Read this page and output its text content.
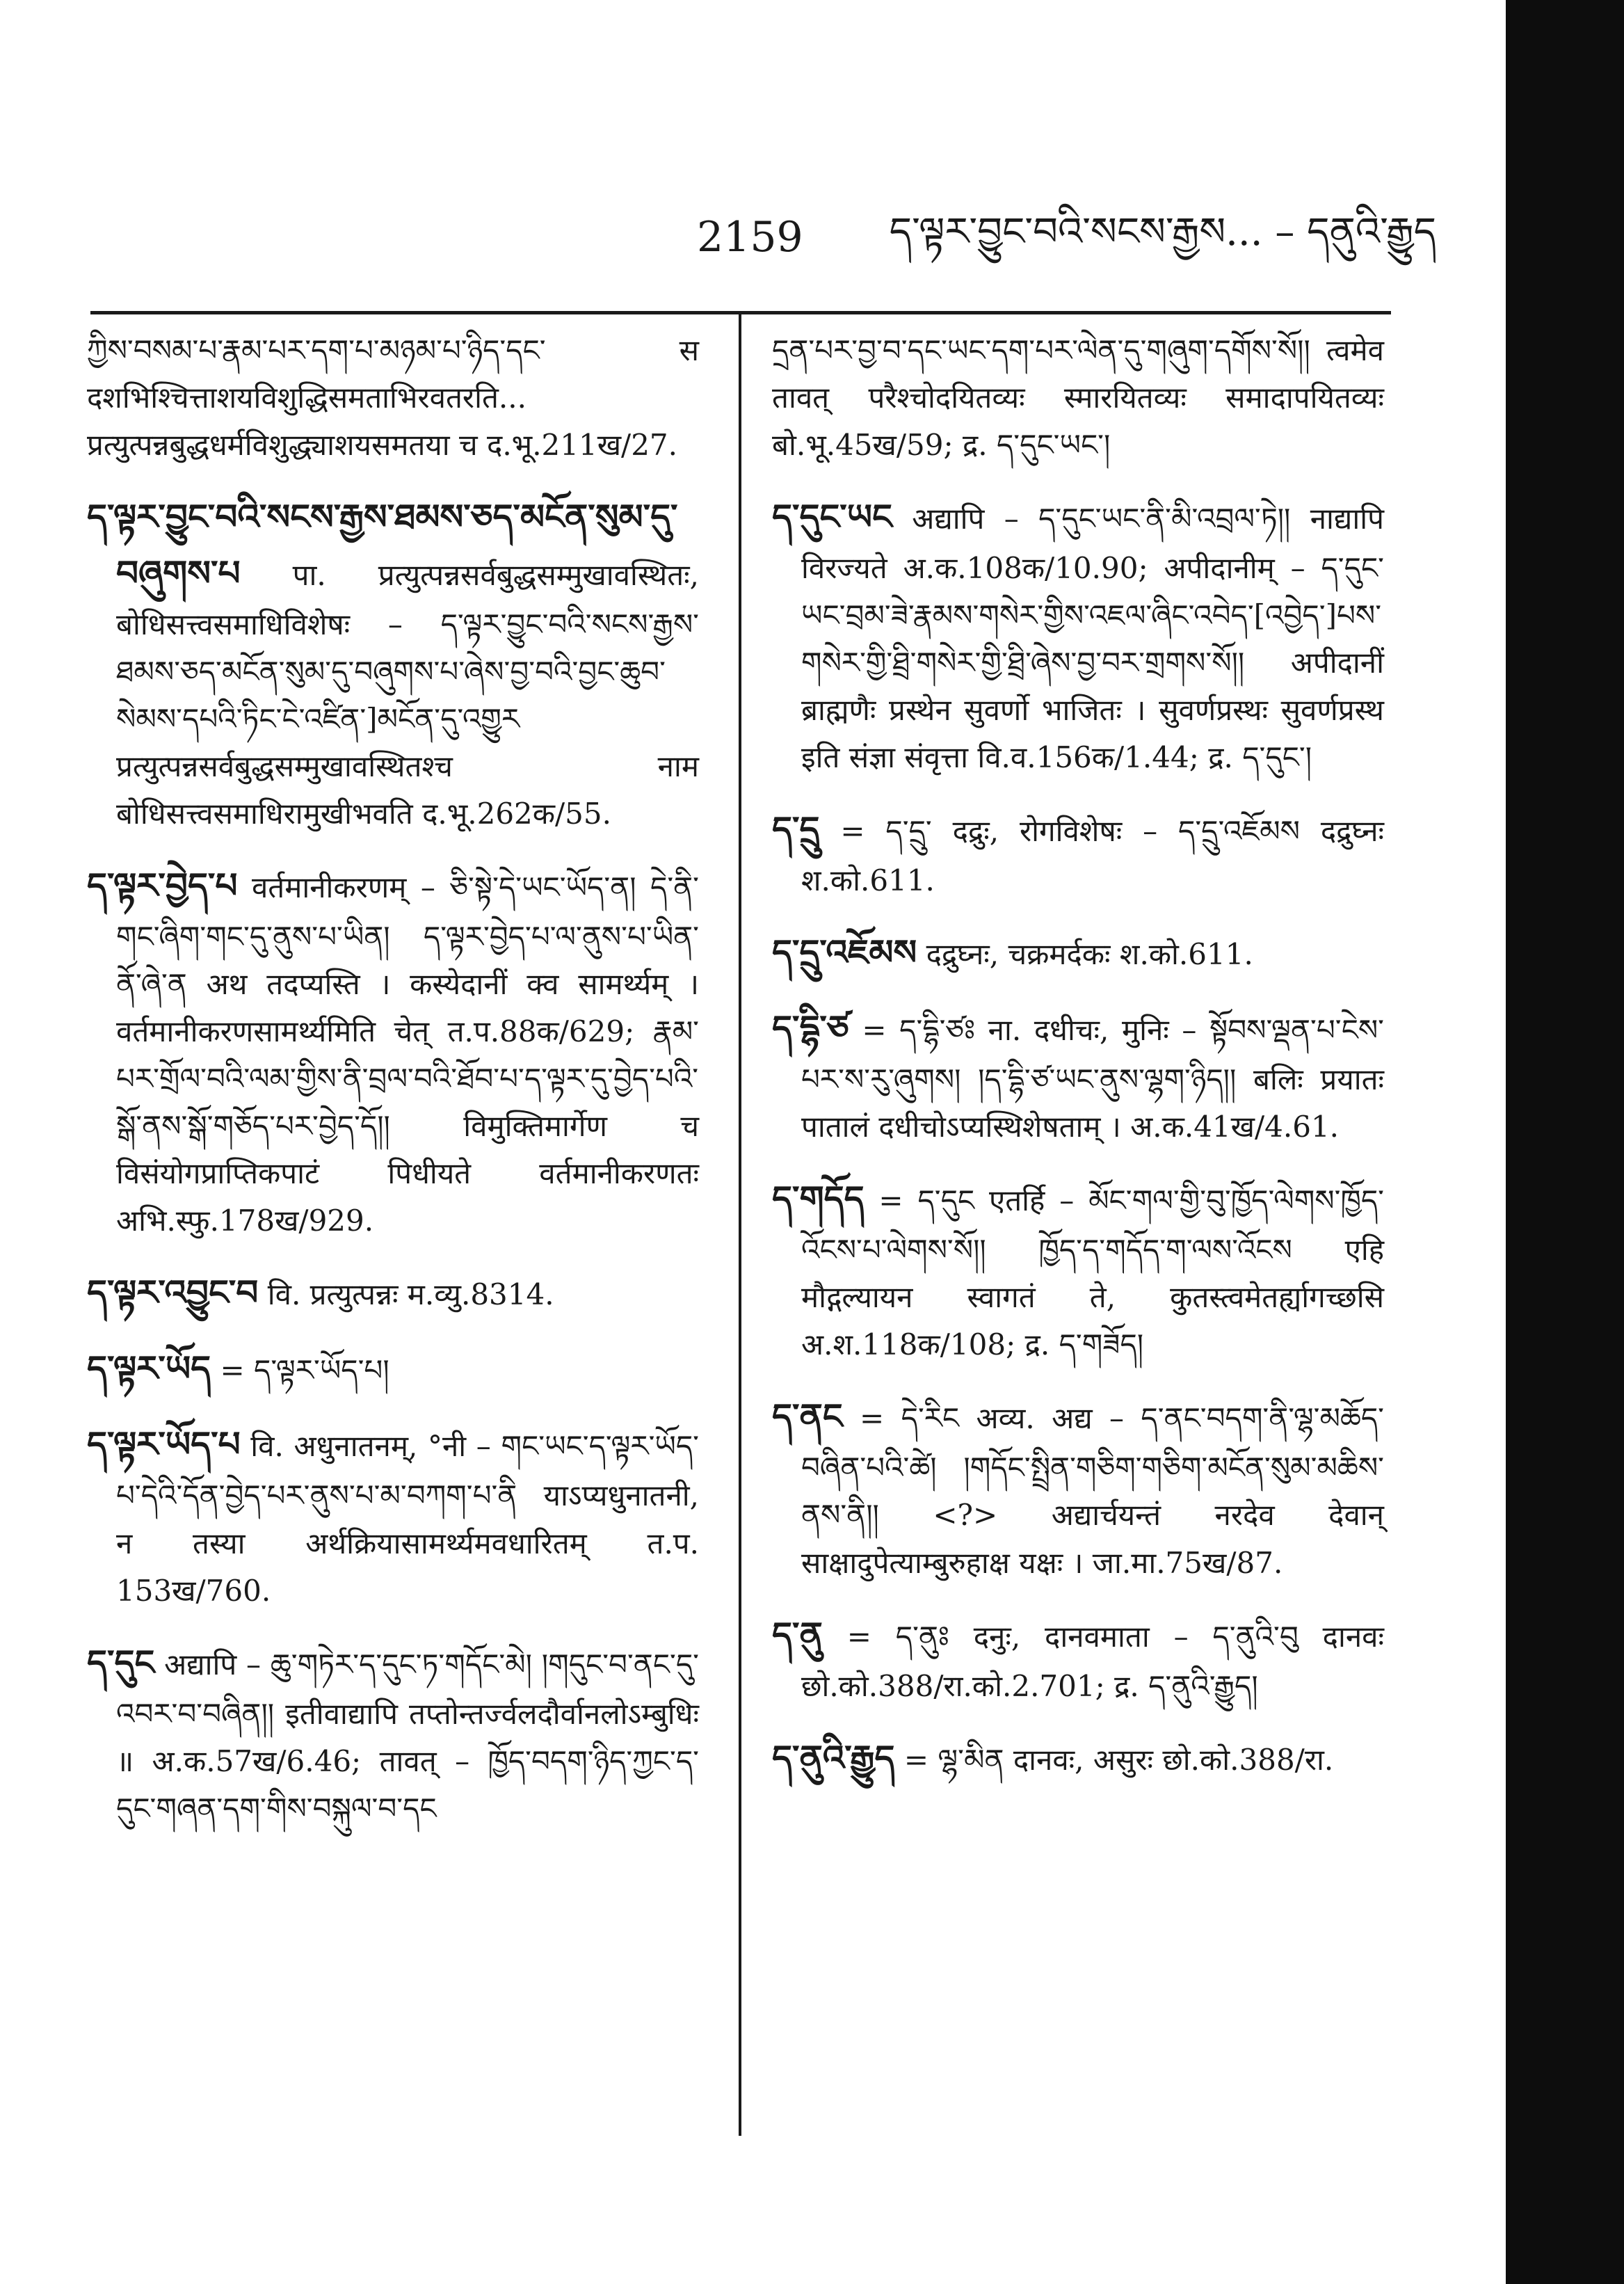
2159	ད་ལྟར་བྱུང་བའི་སངས་རྒྱས... – དནུའི་རྒྱུད

ཀྱིས་བསམ་པ་རྣམ་པར་དག་པ་མཉམ་པ་ཉིད་དང་ स दशभिश्चित्ताशयविशुद्धिसमताभिरवतरति... प्रत्युत्पन्नबुद्धधर्मविशुद्ध्याशयसमतया च द.भू.211ख/27.

ད་ལྟར་བྱུང་བའི་སངས་རྒྱས་ཐམས་ཅད་མངོན་སུམ་དུ་བཞུགས་པ पा. प्रत्युत्पन्नसर्वबुद्धसम्मुखावस्थितः, बोधिसत्त्वसमाधिविशेषः – ད་ལྟར་བྱུང་བའི་སངས་རྒྱས་ཐམས་ཅད་མངོན་སུམ་དུ་བཞུགས་པ་ཞེས་བྱ་བའི་བྱང་ཆུབ་སེམས་དཔའི་ཏིང་ངེ་འཛིན་]མངོན་དུ་འགྱུར प्रत्युत्पन्नसर्वबुद्धसम्मुखावस्थितश्च नाम बोधिसत्त्वसमाधिरामुखीभवति द.भू.262क/55.

ད་ལྟར་བྱེད་པ वर्तमानीकरणम् – ཅི་སྟེ་དེ་ཡང་ཡོད་ན། དེ་ནི་གང་ཞིག་གང་དུ་ནུས་པ་ཡིན། ད་ལྟར་བྱེད་པ་ལ་ནུས་པ་ཡིན་ནོ་ཞེ་ན अथ तदप्यस्ति । कस्येदानीं क्व सामर्थ्यम् । वर्तमानीकरणसामर्थ्यमिति चेत् त.प.88क/629; རྣམ་པར་གྲོལ་བའི་ལམ་གྱིས་ནི་བྲལ་བའི་ཐོབ་པ་ད་ལྟར་དུ་བྱེད་པའི་སྒོ་ནས་སྒོ་གཅོད་པར་བྱེད་དོ།། विमुक्तिमार्गेण च विसंयोगप्राप्तिकपाटं पिधीयते वर्तमानीकरणतः अभि.स्फु.178ख/929.

ད་ལྟར་འབྱུང་བ वि. प्रत्युत्पन्नः म.व्यु.8314.

ད་ལྟར་ཡོད = ད་ལྟར་ཡོད་པ།

ད་ལྟར་ཡོད་པ वि. अधुनातनम्, °नी – གང་ཡང་ད་ལྟར་ཡོད་པ་དེའི་དོན་བྱེད་པར་ནུས་པ་མ་བཀག་པ་ནི याऽप्यधुनातनी, न तस्या अर्थक्रियासामर्थ्यमवधारितम् त.प. 153ख/760.

ད་དུང अद्यापि – ཆུ་གཏེར་ད་དུང་ཏ་གདོང་མེ། །གདུང་བ་ནང་དུ་འབར་བ་བཞིན།། इतीवाद्यापि तप्तोन्तर्ज्वलदौर्वानलोऽम्बुधिः ॥ अ.क.57ख/6.46; तावत् – ཁྱོད་བདག་ཉིད་ཀྱང་ད་དུང་གཞན་དག་གིས་བསྐུལ་བ་དང

དྲན་པར་བྱ་བ་དང་ཡང་དག་པར་ལེན་དུ་གཞུག་དགོས་སོ།། त्वमेव तावत् परैश्चोदयितव्यः स्मारयितव्यः समादापयितव्यः बो.भू.45ख/59; द्र. ད་དུང་ཡང་།

ད་དུང་ཡང अद्यापि – ད་དུང་ཡང་ནི་མི་འབྲལ་ཏེ།། नाद्यापि विरज्यते अ.क.108क/10.90; अपीदानीम् – ད་དུང་ཡང་བྲམ་ཟེ་རྣམས་གསེར་གྱིས་འཇལ་ཞིང་འབེད་[འབྱེད་]པས་གསེར་གྱི་ཐྲི་གསེར་གྱི་ཐྲི་ཞེས་བྱ་བར་གྲགས་སོ།། अपीदानीं ब्राह्मणैः प्रस्थेन सुवर्णो भाजितः । सुवर्णप्रस्थः सुवर्णप्रस्थ इति संज्ञा संवृत्ता वि.व.156क/1.44; द्र. ད་དུང་།

ད་དྲུ = ད་དྲུ་ दद्रुः, रोगविशेषः – ད་དྲུ་འཇོམས दद्रुघ्नः श.को.611.

ད་དྲུ་འཇོམས दद्रुघ्नः, चक्रमर्दकः श.को.611.

ད་དྷི་ཙ = ད་དྷི་ཙཿ ना. दधीचः, मुनिः – སྟོབས་ལྡན་པ་ངེས་པར་ས་རུ་ཞུགས། །ད་དྷི་ཙ་ཡང་ནུས་ལྷག་ཉིད།། बलिः प्रयातः पातालं दधीचोऽप्यस्थिशेषताम् । अ.क.41ख/4.61.

ད་གདོད = ད་དུང एतर्हि – མོང་གལ་གྱི་བུ་ཁྱོད་ལེགས་ཁྱོད་འོངས་པ་ལེགས་སོ།། ཁྱོད་ད་གདོད་ག་ལས་འོངས एहि मौद्गल्यायन स्वागतं ते, कुतस्त्वमेतर्ह्यागच्छसि अ.श.118क/108; द्र. ད་གཟོད།

ད་ནང = དེ་རིང अव्य. अद्य – ད་ནང་བདག་ནི་ལྷ་མཆོད་བཞིན་པའི་ཚེ། །གདོང་སྤྲིན་གཅིག་གཅིག་མངོན་སུམ་མཆིས་ནས་ནི།། <?> अद्यार्चयन्तं नरदेव देवान् साक्षादुपेत्याम्बुरुहाक्ष यक्षः । जा.मा.75ख/87.

ད་ནུ = ད་ནུཿ दनुः, दानवमाता – ད་ནུའི་བུ दानवः छो.को.388/रा.को.2.701; द्र. ད་ནུའི་རྒྱུད།

ད་ནུའི་རྒྱུད = ལྷ་མིན दानवः, असुरः छो.को.388/रा.
